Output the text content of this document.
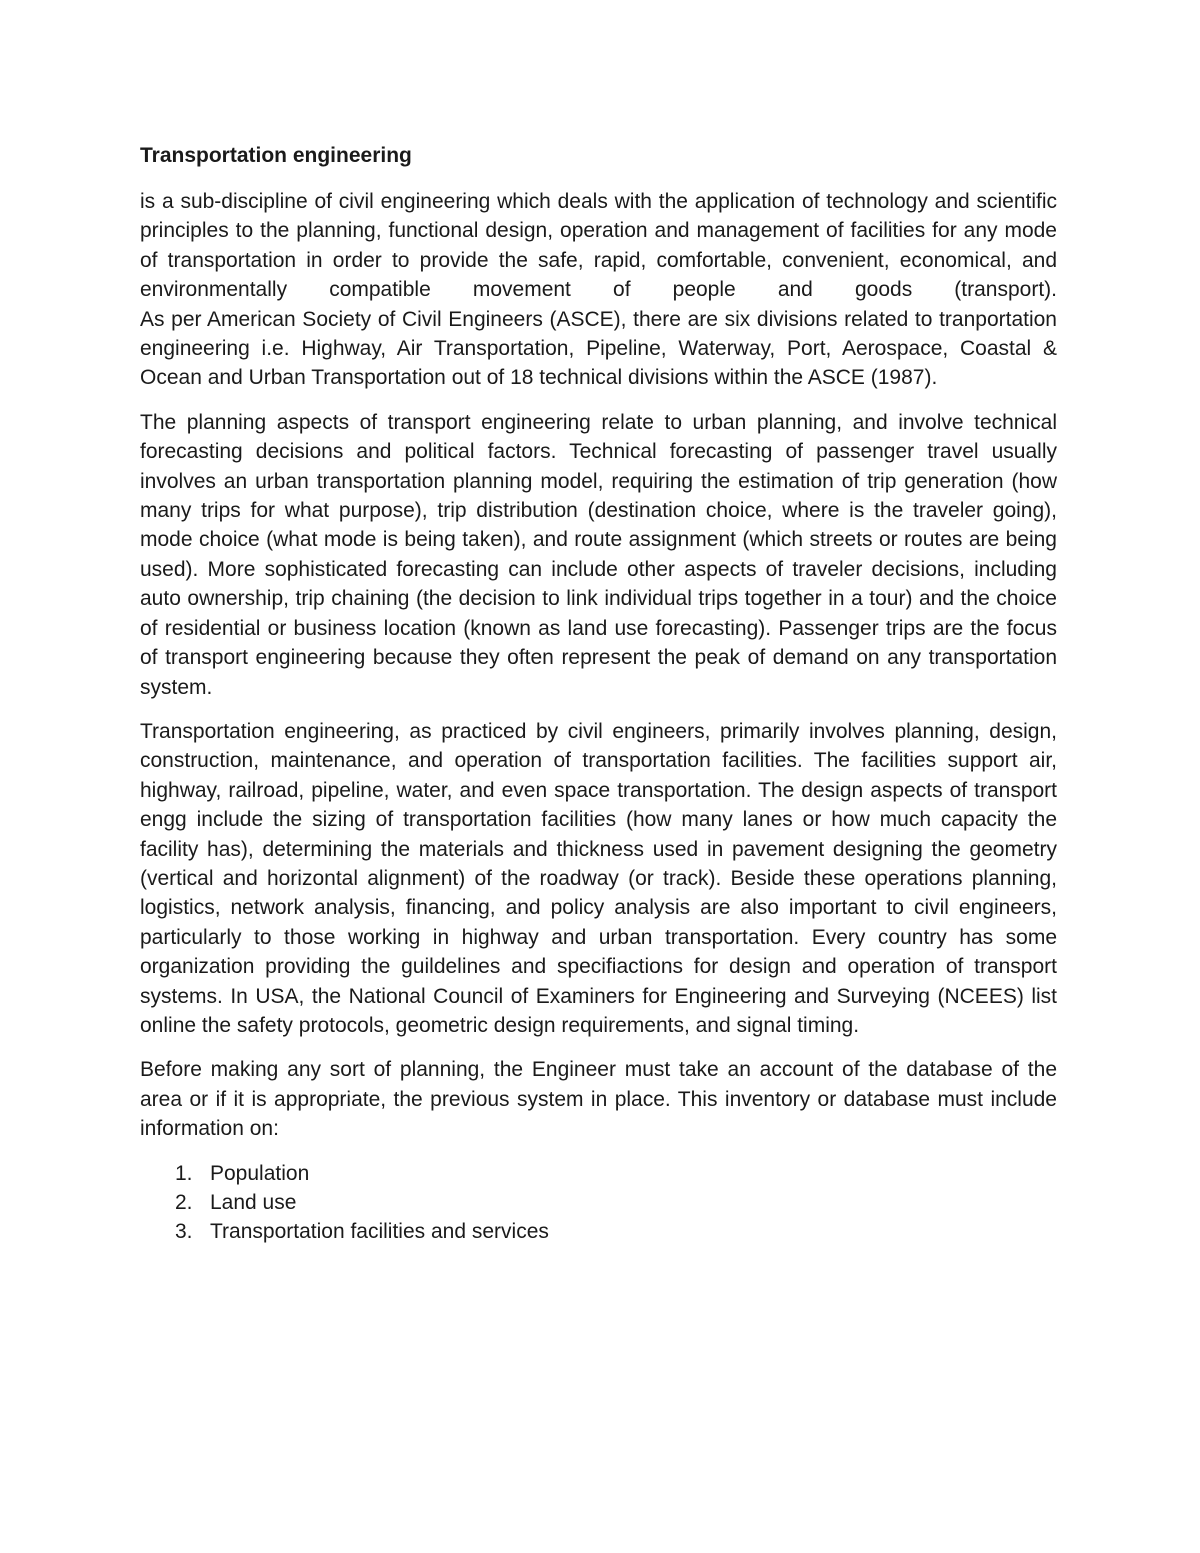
Transportation engineering

is a sub-discipline of civil engineering which deals with the application of technology and scientific principles to the planning, functional design, operation and management of facilities for any mode of transportation in order to provide the safe, rapid, comfortable, convenient, economical, and environmentally compatible movement of people and goods (transport).
As per American Society of Civil Engineers (ASCE), there are six divisions related to tranportation engineering i.e. Highway, Air Transportation, Pipeline, Waterway, Port, Aerospace, Coastal & Ocean and Urban Transportation out of 18 technical divisions within the ASCE (1987).

The planning aspects of transport engineering relate to urban planning, and involve technical forecasting decisions and political factors. Technical forecasting of passenger travel usually involves an urban transportation planning model, requiring the estimation of trip generation (how many trips for what purpose), trip distribution (destination choice, where is the traveler going), mode choice (what mode is being taken), and route assignment (which streets or routes are being used). More sophisticated forecasting can include other aspects of traveler decisions, including auto ownership, trip chaining (the decision to link individual trips together in a tour) and the choice of residential or business location (known as land use forecasting). Passenger trips are the focus of transport engineering because they often represent the peak of demand on any transportation system.

Transportation engineering, as practiced by civil engineers, primarily involves planning, design, construction, maintenance, and operation of transportation facilities. The facilities support air, highway, railroad, pipeline, water, and even space transportation. The design aspects of transport engg include the sizing of transportation facilities (how many lanes or how much capacity the facility has), determining the materials and thickness used in pavement designing the geometry (vertical and horizontal alignment) of the roadway (or track). Beside these operations planning, logistics, network analysis, financing, and policy analysis are also important to civil engineers, particularly to those working in highway and urban transportation. Every country has some organization providing the guildelines and specifiactions for design and operation of transport systems. In USA, the National Council of Examiners for Engineering and Surveying (NCEES) list online the safety protocols, geometric design requirements, and signal timing.

Before making any sort of planning, the Engineer must take an account of the database of the area or if it is appropriate, the previous system in place. This inventory or database must include information on:

1. Population
2. Land use
3. Transportation facilities and services
